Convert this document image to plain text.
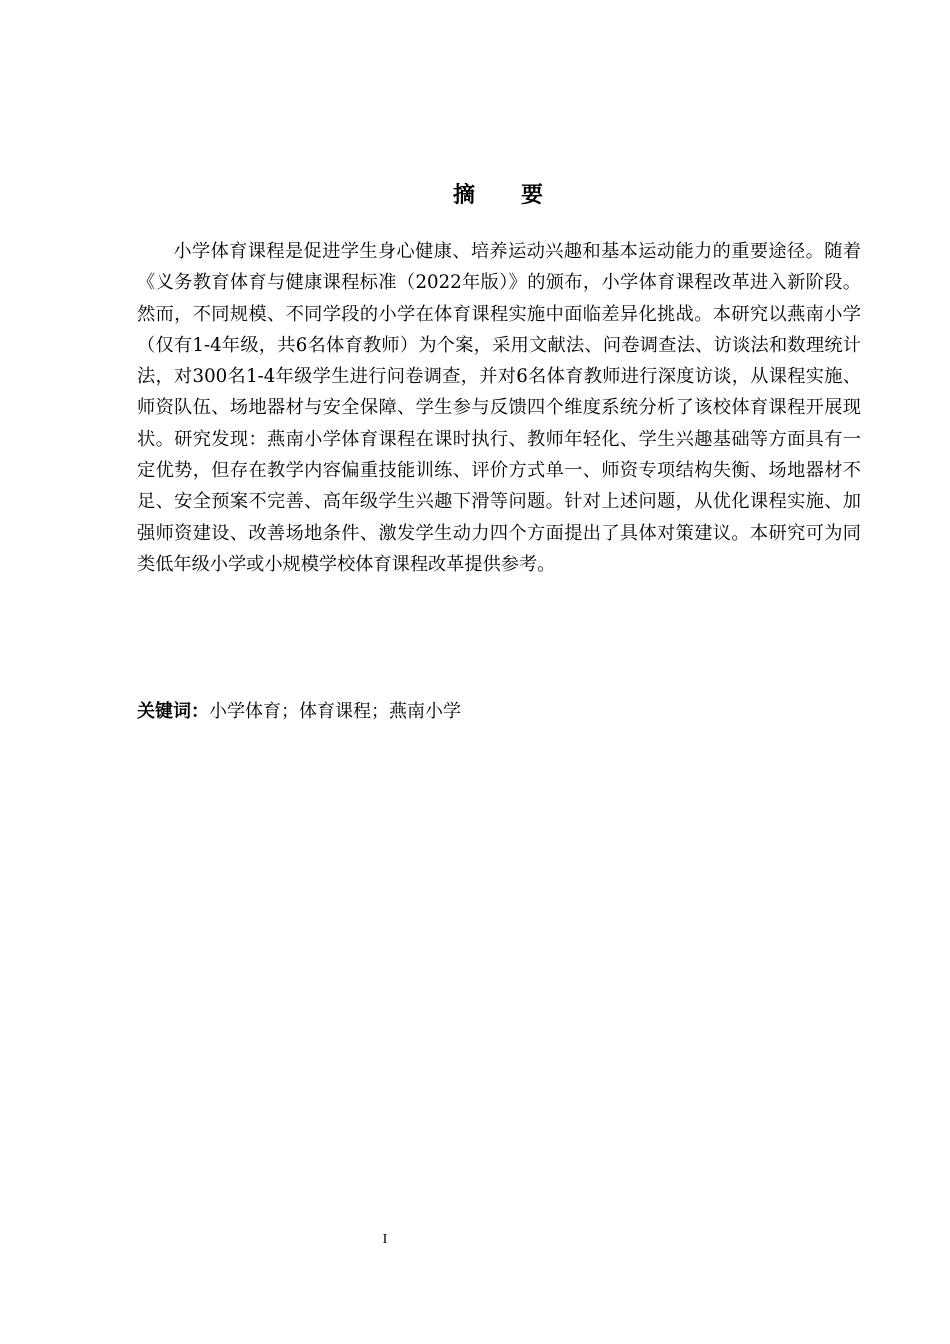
摘 要

小学体育课程是促进学生身心健康、培养运动兴趣和基本运动能力的重要途径。随着《义务教育体育与健康课程标准（2022年版）》的颁布，小学体育课程改革进入新阶段。然而，不同规模、不同学段的小学在体育课程实施中面临差异化挑战。本研究以燕南小学（仅有1-4年级，共6名体育教师）为个案，采用文献法、问卷调查法、访谈法和数理统计法，对300名1-4年级学生进行问卷调查，并对6名体育教师进行深度访谈，从课程实施、师资队伍、场地器材与安全保障、学生参与反馈四个维度系统分析了该校体育课程开展现状。研究发现：燕南小学体育课程在课时执行、教师年轻化、学生兴趣基础等方面具有一定优势，但存在教学内容偏重技能训练、评价方式单一、师资专项结构失衡、场地器材不足、安全预案不完善、高年级学生兴趣下滑等问题。针对上述问题，从优化课程实施、加强师资建设、改善场地条件、激发学生动力四个方面提出了具体对策建议。本研究可为同类低年级小学或小规模学校体育课程改革提供参考。

关键词：小学体育；体育课程；燕南小学

I
